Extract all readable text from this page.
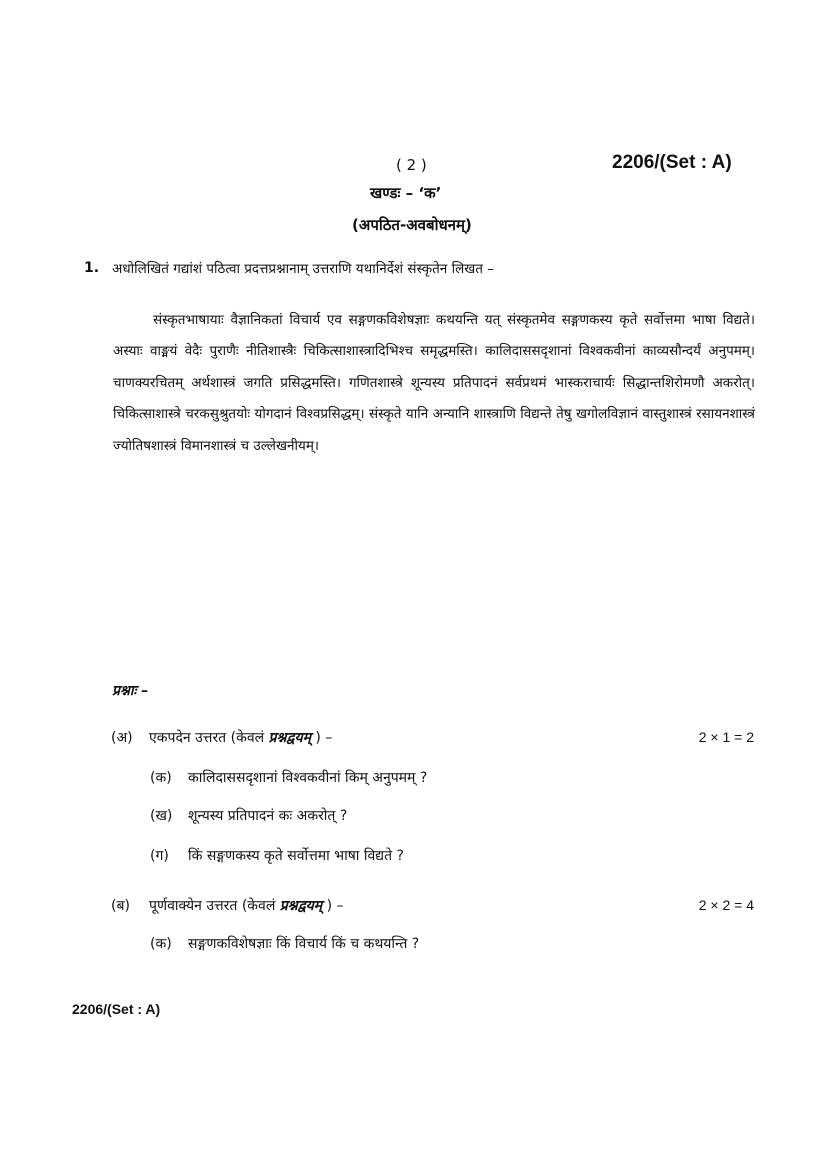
( 2 )	2206/(Set : A)
खण्डः – ‘क’
(अपठित-अवबोधनम्)
1. अधोलिखितं गद्यांशं पठित्वा प्रदत्तप्रश्नानाम् उत्तराणि यथानिर्देशं संस्कृतेन लिखत –
संस्कृतभाषायाः वैज्ञानिकतां विचार्य एव सङ्गणकविशेषज्ञाः कथयन्ति यत् संस्कृतमेव सङ्गणकस्य कृते सर्वोत्तमा भाषा विद्यते। अस्याः वाङ्मयं वेदैः पुराणैः नीतिशास्त्रैः चिकित्साशास्त्रादिभिश्च समृद्धमस्ति। कालिदाससदृशानां विश्वकवीनां काव्यसौन्दर्यं अनुपमम्। चाणक्यरचितम् अर्थशास्त्रं जगति प्रसिद्धमस्ति। गणितशास्त्रे शून्यस्य प्रतिपादनं सर्वप्रथमं भास्कराचार्यः सिद्धान्तशिरोमणौ अकरोत्। चिकित्साशास्त्रे चरकसुश्रुतयोः योगदानं विश्वप्रसिद्धम्। संस्कृते यानि अन्यानि शास्त्राणि विद्यन्ते तेषु खगोलविज्ञानं वास्तुशास्त्रं रसायनशास्त्रं ज्योतिषशास्त्रं विमानशास्त्रं च उल्लेखनीयम्।
प्रश्नाः –
(अ) एकपदेन उत्तरत (केवलं प्रश्नद्वयम् ) –	2 × 1 = 2
(क) कालिदाससदृशानां विश्वकवीनां किम् अनुपमम् ?
(ख) शून्यस्य प्रतिपादनं कः अकरोत् ?
(ग) किं सङ्गणकस्य कृते सर्वोत्तमा भाषा विद्यते ?
(ब) पूर्णवाक्येन उत्तरत (केवलं प्रश्नद्वयम् ) –	2 × 2 = 4
(क) सङ्गणकविशेषज्ञाः किं विचार्य किं च कथयन्ति ?
2206/(Set : A)
